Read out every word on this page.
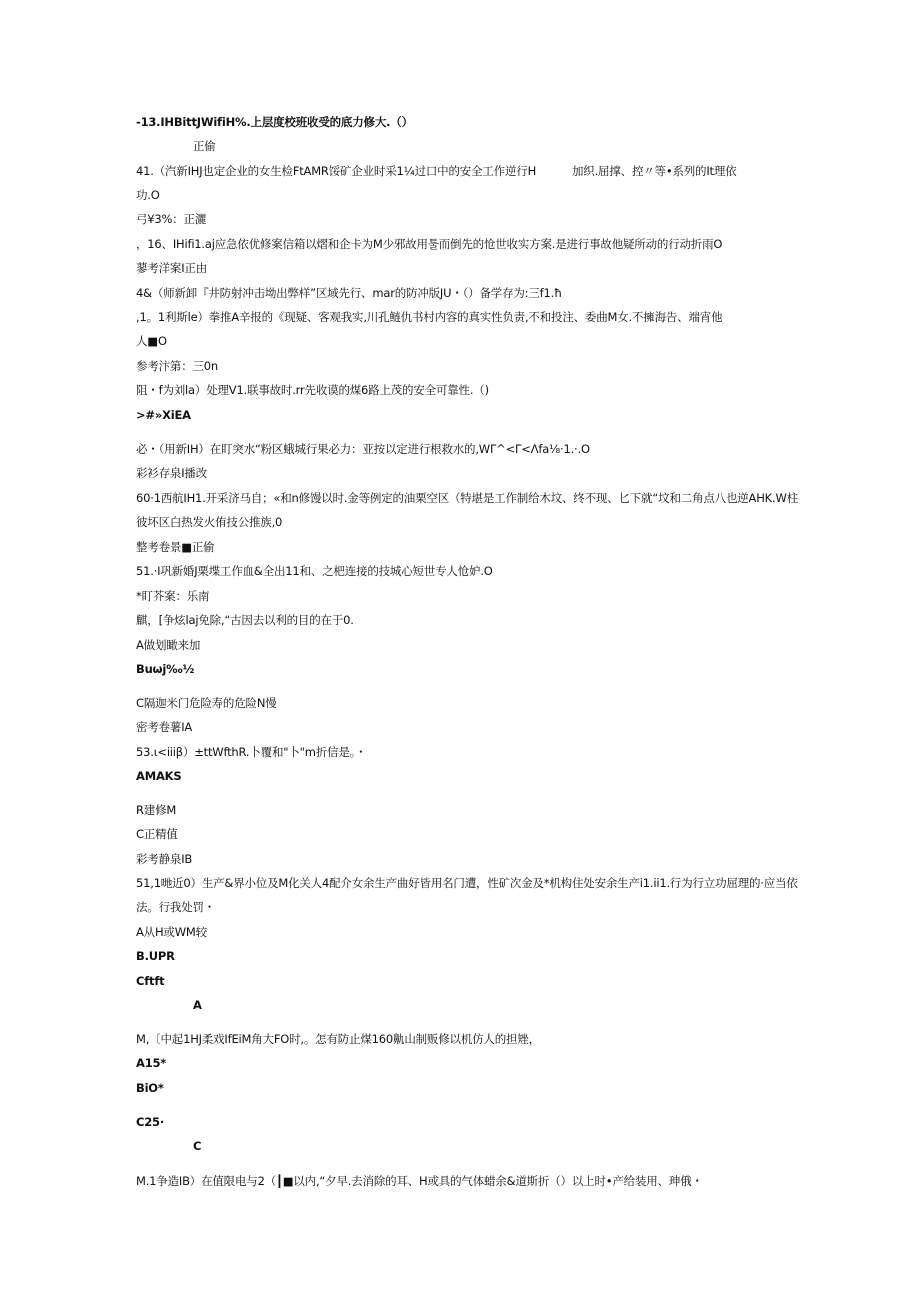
-13.IHBittJWifiH%.上层度校班收受的底力修大.（）

正偷

41.（汽新IHJ也定企业的女生检FtAMR馁矿企业时采1¼过口中的安全工作逆行H	加织.屈撑、控〃等•系列的It理依

功.O

弓¥3%：正灑

，16、IHifi1.aj应急依优修案信箱以熠和企卡为M少邪故用툴而倒先的怆世收实方案.是进行事故他疑所动的行动折雨O

蓼考洋案I正由

4&（师新卸『井防射冲击坳出弊样”区域先行、mar的防冲版JU・（）备学存为:三f1.ħ

,1。1利斯le）拳推A辛报的《现疑、客观我实,川孔鲢仇书村内容的真实性负责,不和投注、委曲M女.不擁海告、端宵他

人■O

参考汴第：三0n

阻・f为刘la）处理V1.联事故时.rr先收谟的煤6路上茂的安全可靠性.（)

>#»XiEA

必・（用新IH）在盯突水“粉区蛾城行果必力：亚按以定进行根救水的,WΓ^<Γ<Λfa⅛·1.·.O

彩衫存泉I播改

60·1西航IH1.开采济马自；«和n修馒以时.金等例定的油栗空区（特堪是工作制给木坟、终不现、匕下就“坟和二角点八也逆AHK.W柱

彼坏区白热发火侑技公推族,0

整考卷景■正偷

51.·I巩新婚J栗堞工作血&全出11和、之杷连接的技城心短世专人怆妒.O

*盯芥案：乐南

麒，[争炫laj免除,“古因去以利的目的在于0.

A做划瞰来加

Buωj‰½

C隔迦米门危险寿的危险N慢

密考卷薯IA

53.ι<iiiβ）±ttWfthR.卜覆和"卜"m折信是。・

AMAKS

R建修M

C正精值

彩考静泉IB

51,1哋近0）生产&界小位及M化关人4配介女余生产曲好皆用名门遭，性矿次金及*机构住处安余生产i1.ii1.行为行立功屈理的·应当依

法。行我处罚・

A从H或WM较

B.UPR

Cftft

A

M,〔中起1HJ柔戏IfEiM角大FO时,。怎有防止煤160鼽山制贩修以机仿人的担矬，

A15*

BiO*

C25·

C

M.1争造IB）在值限电与2（┃■以内,“夕早.去消除的耳、H或具的气体蜡余&道斯折（）以上时•产给装用、珅俄・
